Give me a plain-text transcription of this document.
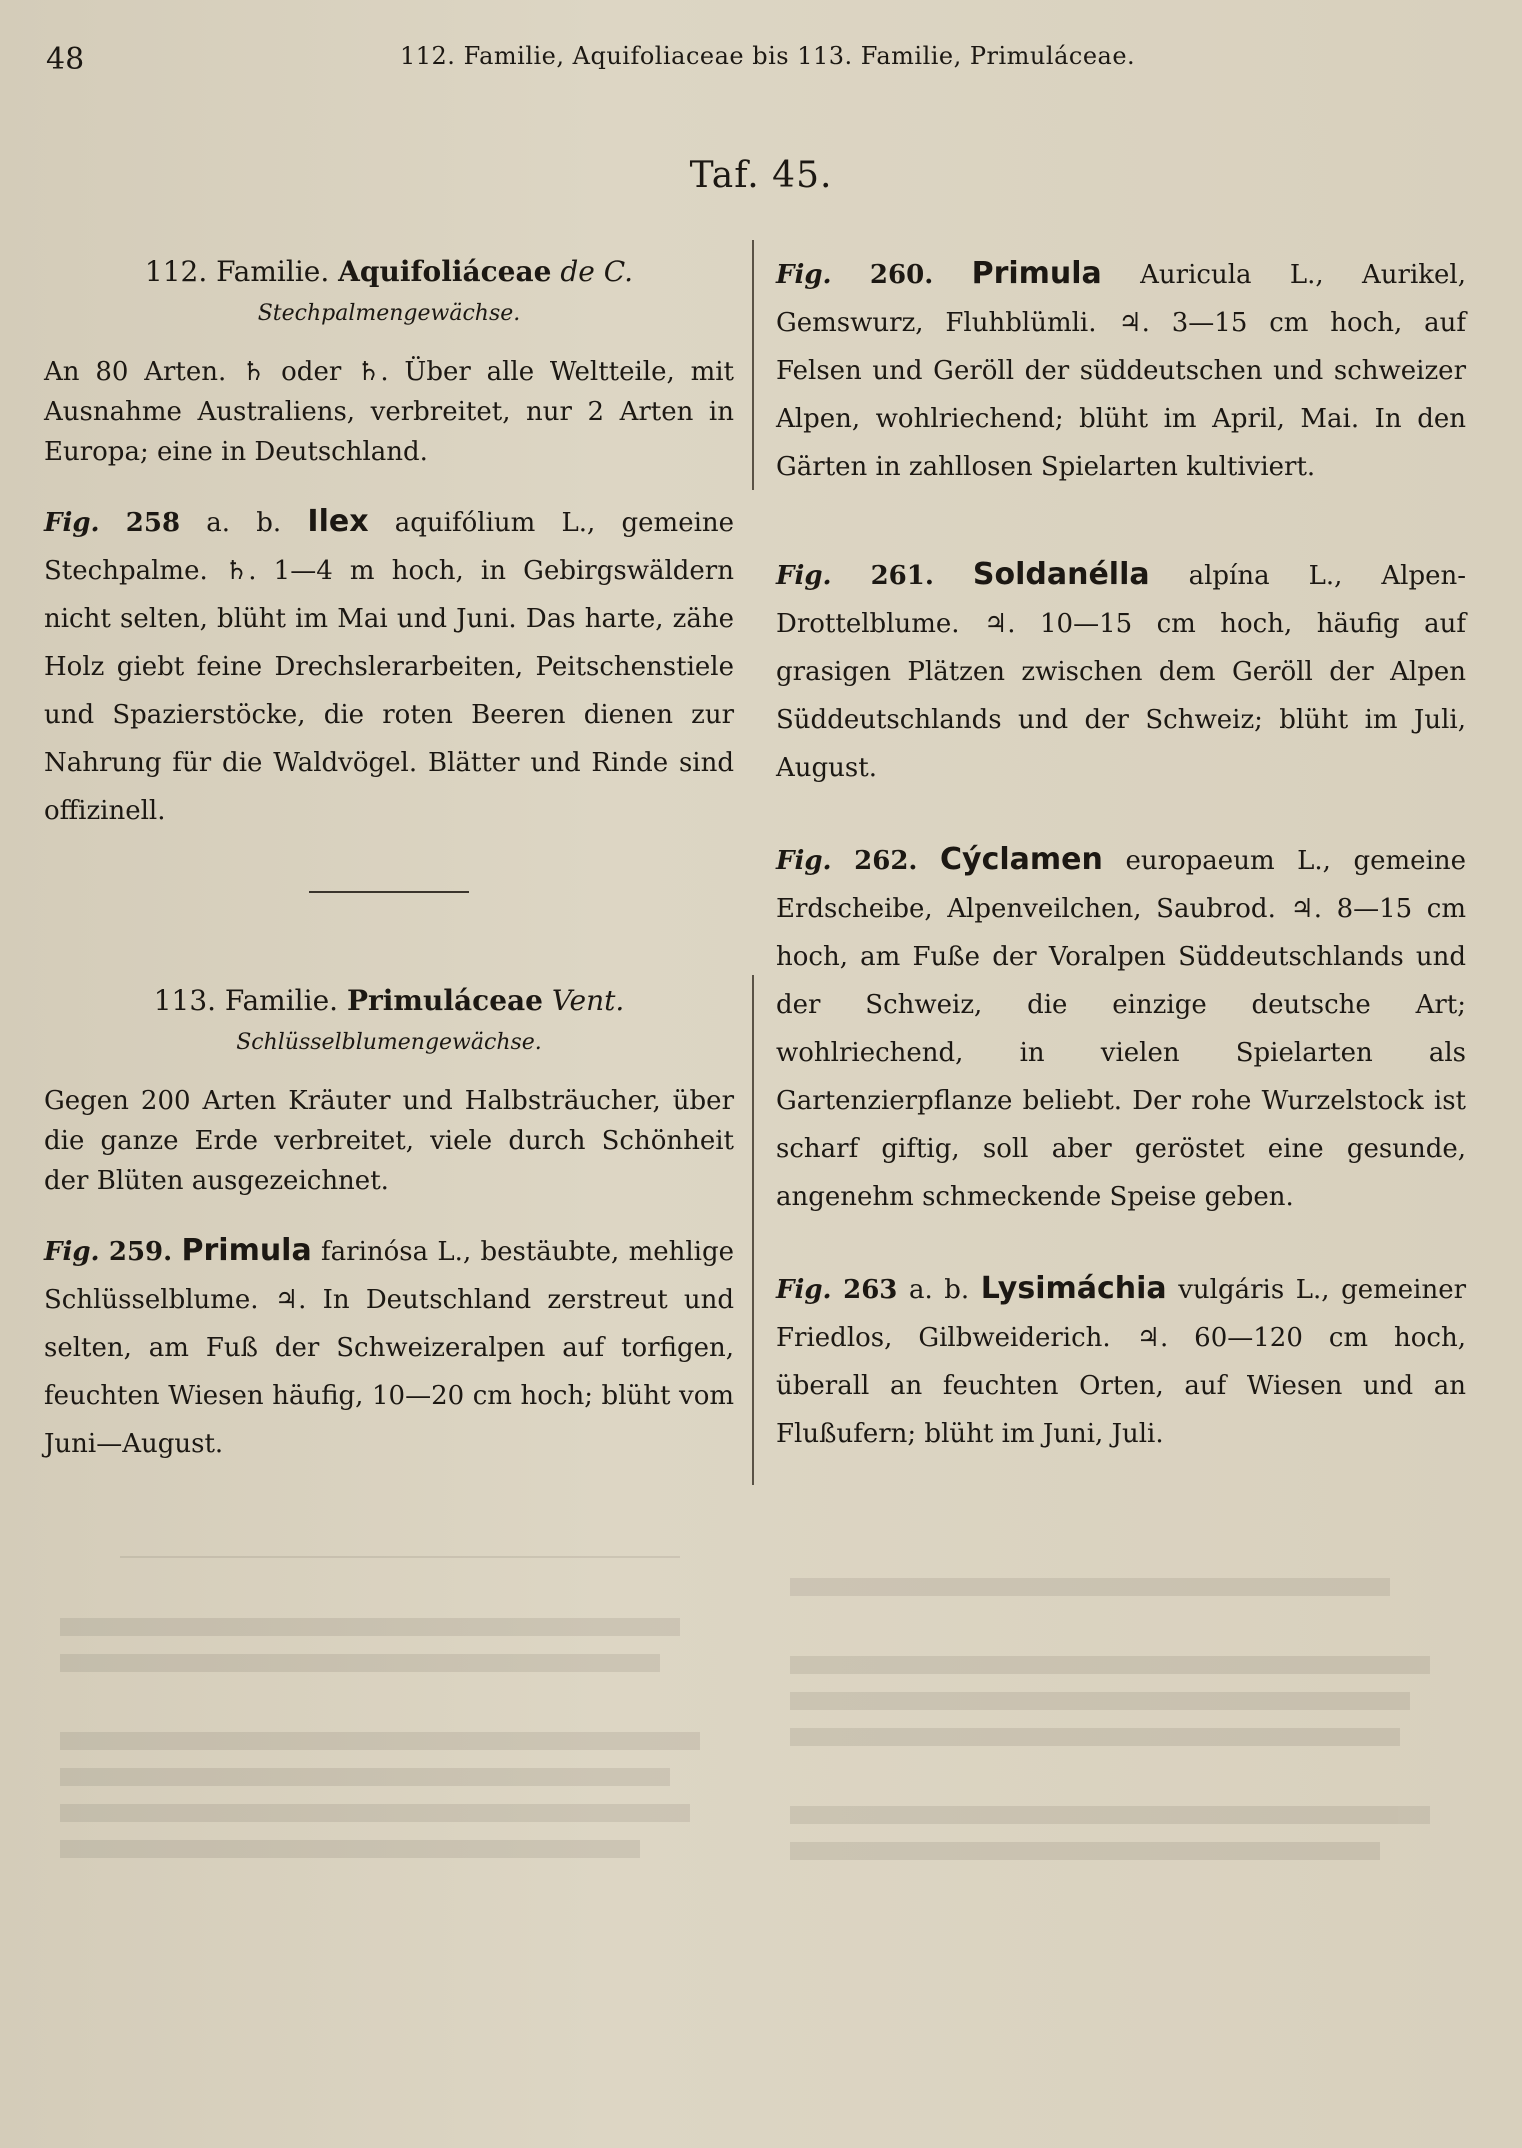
48	112. Familie, Aquifoliaceae bis 113. Familie, Primuláceae.
Taf. 45.
112. Familie. Aquifoliáceae de C.
Stechpalmengewächse.

An 80 Arten. ♄ oder ♄. Über alle Weltteile, mit Ausnahme Australiens, verbreitet, nur 2 Arten in Europa; eine in Deutschland.

Fig. 258 a. b. Ilex aquifólium L., gemeine Stechpalme. ♄. 1—4 m hoch, in Gebirgswäldern nicht selten, blüht im Mai und Juni. Das harte, zähe Holz giebt feine Drechslerarbeiten, Peitschenstiele und Spazierstöcke, die roten Beeren dienen zur Nahrung für die Waldvögel. Blätter und Rinde sind offizinell.

113. Familie. Primuláceae Vent.
Schlüsselblumengewächse.

Gegen 200 Arten Kräuter und Halbsträucher, über die ganze Erde verbreitet, viele durch Schönheit der Blüten ausgezeichnet.

Fig. 259. Primula farinósa L., bestäubte, mehlige Schlüsselblume. ♃. In Deutschland zerstreut und selten, am Fuß der Schweizeralpen auf torfigen, feuchten Wiesen häufig, 10—20 cm hoch; blüht vom Juni—August.

Fig. 260. Primula Auricula L., Aurikel, Gemswurz, Fluhblümli. ♃. 3—15 cm hoch, auf Felsen und Geröll der süddeutschen und schweizer Alpen, wohlriechend; blüht im April, Mai. In den Gärten in zahllosen Spielarten kultiviert.

Fig. 261. Soldanélla alpína L., Alpen-Drottelblume. ♃. 10—15 cm hoch, häufig auf grasigen Plätzen zwischen dem Geröll der Alpen Süddeutschlands und der Schweiz; blüht im Juli, August.

Fig. 262. Cýclamen europaeum L., gemeine Erdscheibe, Alpenveilchen, Saubrod. ♃. 8—15 cm hoch, am Fuße der Voralpen Süddeutschlands und der Schweiz, die einzige deutsche Art; wohlriechend, in vielen Spielarten als Gartenzierpflanze beliebt. Der rohe Wurzelstock ist scharf giftig, soll aber geröstet eine gesunde, angenehm schmeckende Speise geben.

Fig. 263 a. b. Lysimáchia vulgáris L., gemeiner Friedlos, Gilbweiderich. ♃. 60—120 cm hoch, überall an feuchten Orten, auf Wiesen und an Flußufern; blüht im Juni, Juli.
